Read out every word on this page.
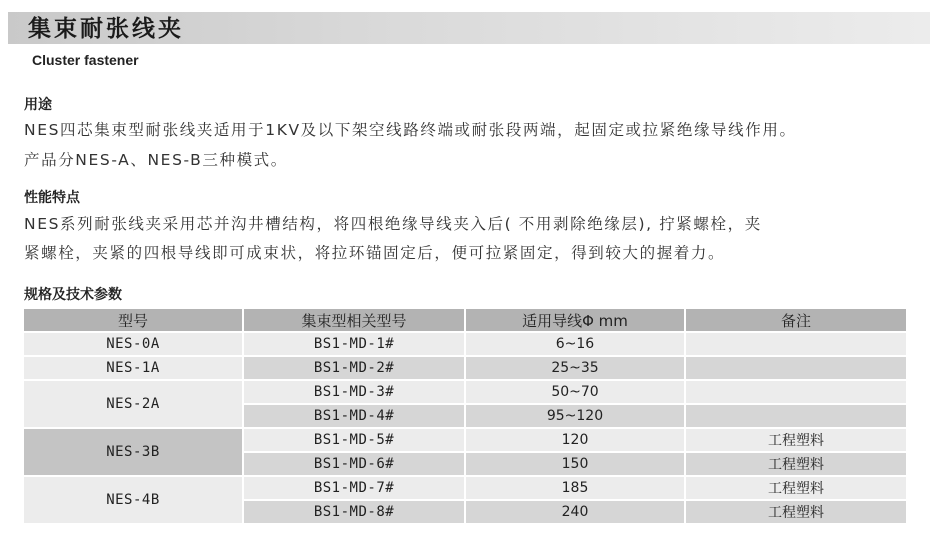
集束耐张线夹
Cluster fastener
用途
NES四芯集束型耐张线夹适用于1KV及以下架空线路终端或耐张段两端，起固定或拉紧绝缘导线作用。
产品分NES-A、NES-B三种模式。
性能特点
NES系列耐张线夹采用芯并沟井槽结构，将四根绝缘导线夹入后( 不用剥除绝缘层), 拧紧螺栓，夹
紧螺栓，夹紧的四根导线即可成束状，将拉环锚固定后，便可拉紧固定，得到较大的握着力。
规格及技术参数
型号	集束型相关型号	适用导线Φ mm	备注
NES-0A	BS1-MD-1#	6~16	
NES-1A	BS1-MD-2#	25~35	
NES-2A	BS1-MD-3#	50~70	
	BS1-MD-4#	95~120	
NES-3B	BS1-MD-5#	120	工程塑料
	BS1-MD-6#	150	工程塑料
NES-4B	BS1-MD-7#	185	工程塑料
	BS1-MD-8#	240	工程塑料
